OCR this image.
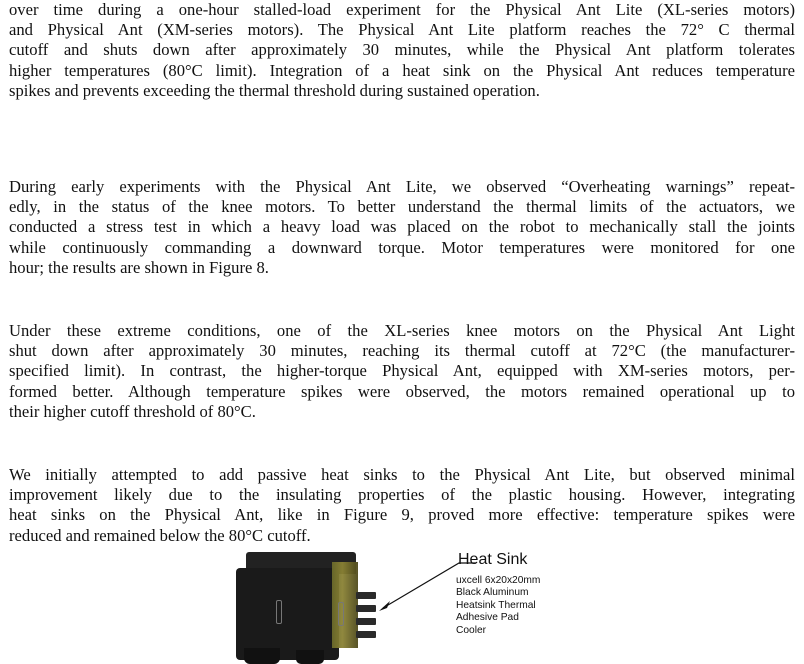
over time during a one-hour stalled-load experiment for the Physical Ant Lite (XL-series motors)
and Physical Ant (XM-series motors). The Physical Ant Lite platform reaches the 72° C thermal
cutoff and shuts down after approximately 30 minutes, while the Physical Ant platform tolerates
higher temperatures (80°C limit). Integration of a heat sink on the Physical Ant reduces temperature
spikes and prevents exceeding the thermal threshold during sustained operation.
During early experiments with the Physical Ant Lite, we observed “Overheating warnings” repeat-
edly, in the status of the knee motors. To better understand the thermal limits of the actuators, we
conducted a stress test in which a heavy load was placed on the robot to mechanically stall the joints
while continuously commanding a downward torque. Motor temperatures were monitored for one
hour; the results are shown in Figure 8.
Under these extreme conditions, one of the XL-series knee motors on the Physical Ant Light
shut down after approximately 30 minutes, reaching its thermal cutoff at 72°C (the manufacturer-
specified limit). In contrast, the higher-torque Physical Ant, equipped with XM-series motors, per-
formed better. Although temperature spikes were observed, the motors remained operational up to
their higher cutoff threshold of 80°C.
We initially attempted to add passive heat sinks to the Physical Ant Lite, but observed minimal
improvement likely due to the insulating properties of the plastic housing. However, integrating
heat sinks on the Physical Ant, like in Figure 9, proved more effective: temperature spikes were
reduced and remained below the 80°C cutoff.
Heat Sink
uxcell 6x20x20mm
Black Aluminum
Heatsink Thermal
Adhesive Pad
Cooler
